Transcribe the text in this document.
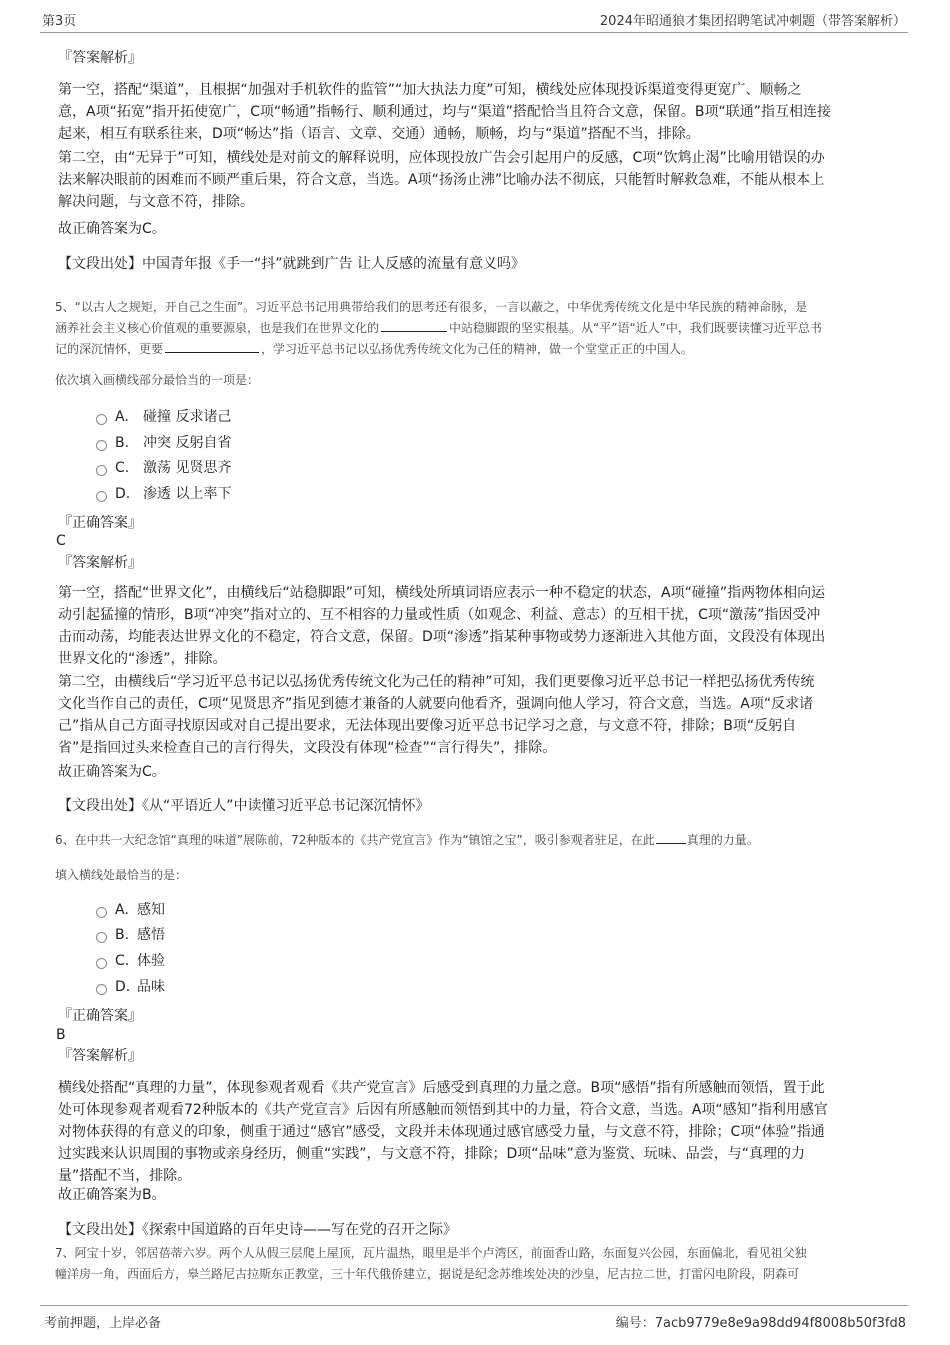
第3页	2024年昭通狼才集团招聘笔试冲刺题（带答案解析）
『答案解析』
第一空，搭配“渠道”，且根据“加强对手机软件的监管”“加大执法力度”可知，横线处应体现投诉渠道变得更宽广、顺畅之
意，A项“拓宽”指开拓使宽广，C项“畅通”指畅行、顺利通过，均与“渠道”搭配恰当且符合文意，保留。B项“联通”指互相连接
起来，相互有联系往来，D项“畅达”指（语言、文章、交通）通畅，顺畅，均与“渠道”搭配不当，排除。
第二空，由“无异于”可知，横线处是对前文的解释说明，应体现投放广告会引起用户的反感，C项“饮鸩止渴”比喻用错误的办
法来解决眼前的困难而不顾严重后果，符合文意，当选。A项“扬汤止沸”比喻办法不彻底，只能暂时解救急难，不能从根本上
解决问题，与文意不符，排除。
故正确答案为C。
【文段出处】中国青年报《手一“抖”就跳到广告 让人反感的流量有意义吗》
5、“以古人之规矩，开自己之生面”。习近平总书记用典带给我们的思考还有很多，一言以蔽之，中华优秀传统文化是中华民族的精神命脉，是
涵养社会主义核心价值观的重要源泉，也是我们在世界文化的	中站稳脚跟的坚实根基。从“平”语“近人”中，我们既要读懂习近平总书
记的深沉情怀，更要	，学习近平总书记以弘扬优秀传统文化为己任的精神，做一个堂堂正正的中国人。
依次填入画横线部分最恰当的一项是：
A.	碰撞 反求诸己
B. 冲突 反躬自省
C. 激荡 见贤思齐
D. 渗透 以上率下
『正确答案』
C
『答案解析』
第一空，搭配“世界文化”，由横线后“站稳脚跟”可知，横线处所填词语应表示一种不稳定的状态，A项“碰撞”指两物体相向运
动引起猛撞的情形，B项“冲突”指对立的、互不相容的力量或性质（如观念、利益、意志）的互相干扰，C项“激荡”指因受冲
击而动荡，均能表达世界文化的不稳定，符合文意，保留。D项“渗透”指某种事物或势力逐渐进入其他方面，文段没有体现出
世界文化的“渗透”，排除。
第二空，由横线后“学习近平总书记以弘扬优秀传统文化为己任的精神”可知，我们更要像习近平总书记一样把弘扬优秀传统
文化当作自己的责任，C项“见贤思齐”指见到德才兼备的人就要向他看齐，强调向他人学习，符合文意，当选。A项“反求诸
己”指从自己方面寻找原因或对自己提出要求，无法体现出要像习近平总书记学习之意，与文意不符，排除；B项“反躬自
省”是指回过头来检查自己的言行得失，文段没有体现“检查”“言行得失”，排除。
故正确答案为C。
【文段出处】《从“平语近人”中读懂习近平总书记深沉情怀》
6、在中共一大纪念馆“真理的味道”展陈前，72种版本的《共产党宣言》作为“镇馆之宝”，吸引参观者驻足，在此	真理的力量。
填入横线处最恰当的是：
A. 感知
B. 感悟
C. 体验
D. 品味
『正确答案』
B
『答案解析』
横线处搭配“真理的力量”，体现参观者观看《共产党宣言》后感受到真理的力量之意。B项“感悟”指有所感触而领悟，置于此
处可体现参观者观看72种版本的《共产党宣言》后因有所感触而领悟到其中的力量，符合文意，当选。A项“感知”指利用感官
对物体获得的有意义的印象，侧重于通过“感官”感受，文段并未体现通过感官感受力量，与文意不符，排除；C项“体验”指通
过实践来认识周围的事物或亲身经历，侧重“实践”，与文意不符，排除；D项“品味”意为鉴赏、玩味、品尝，与“真理的力
量”搭配不当，排除。
故正确答案为B。
【文段出处】《探索中国道路的百年史诗——写在党的召开之际》
7、阿宝十岁，邻居蓓蒂六岁。两个人从假三层爬上屋顶，瓦片温热，眼里是半个卢湾区，前面香山路，东面复兴公园，东面偏北，看见祖父独
幢洋房一角，西面后方，皋兰路尼古拉斯东正教堂，三十年代俄侨建立，据说是纪念苏维埃处决的沙皇，尼古拉二世，打雷闪电阶段，阴森可
考前押题，上岸必备	编号：7acb9779e8e9a98dd94f8008b50f3fd8
